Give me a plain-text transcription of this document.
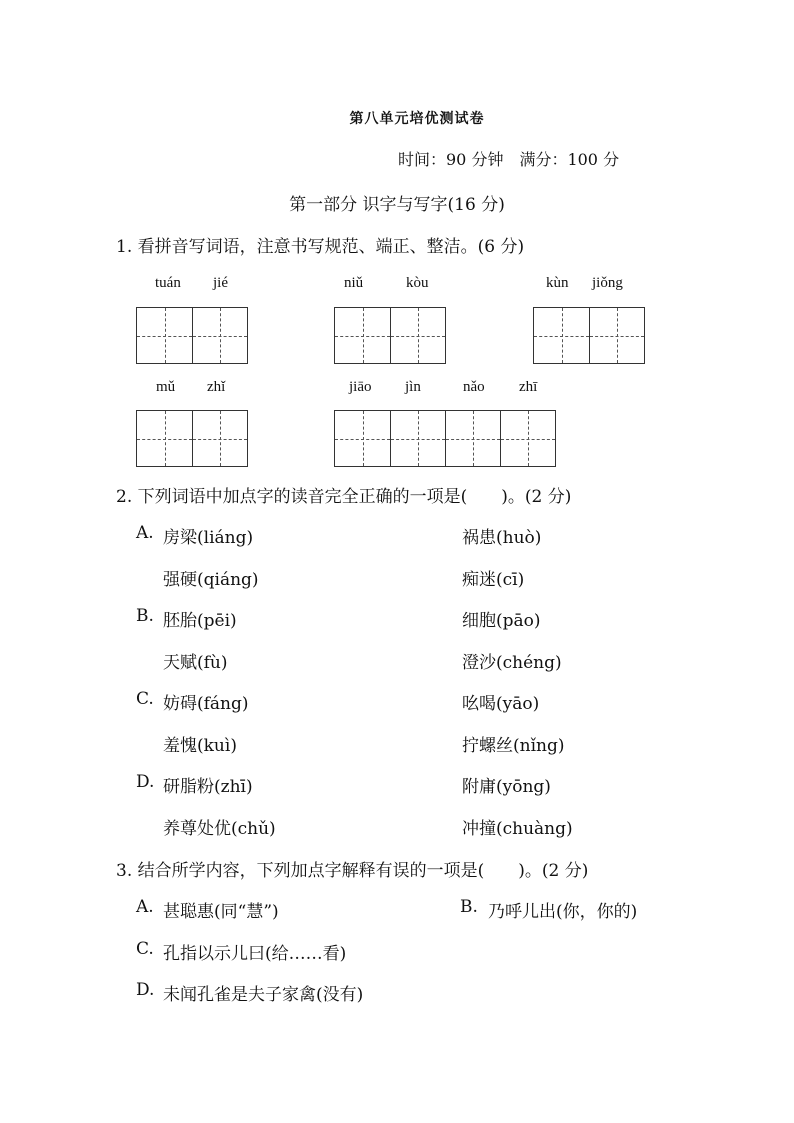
第八单元培优测试卷
时间：90 分钟　满分：100 分
第一部分 识字与写字(16 分)
1. 看拼音写词语，注意书写规范、端正、整洁。(6 分)
tuán jié	niǔ	kòu	kùn jiǒng
mǔ zhǐ	jiāo jìn	nǎo zhī
2. 下列词语中加点字的读音完全正确的一项是(　　)。(2 分)
A. 房梁(liáng)	祸患(huò)
强硬(qiáng)	痴迷(cī)
B. 胚胎(pēi)	细胞(pāo)
天赋(fù)	澄沙(chéng)
C. 妨碍(fáng)	吆喝(yāo)
羞愧(kuì)	拧螺丝(nǐng)
D. 研脂粉(zhī)	附庸(yōng)
养尊处优(chǔ)	冲撞(chuàng)
3. 结合所学内容，下列加点字解释有误的一项是(　　)。(2 分)
A. 甚聪惠(同“慧”)	B. 乃呼儿出(你，你的)
C. 孔指以示儿曰(给……看)
D. 未闻孔雀是夫子家禽(没有)
